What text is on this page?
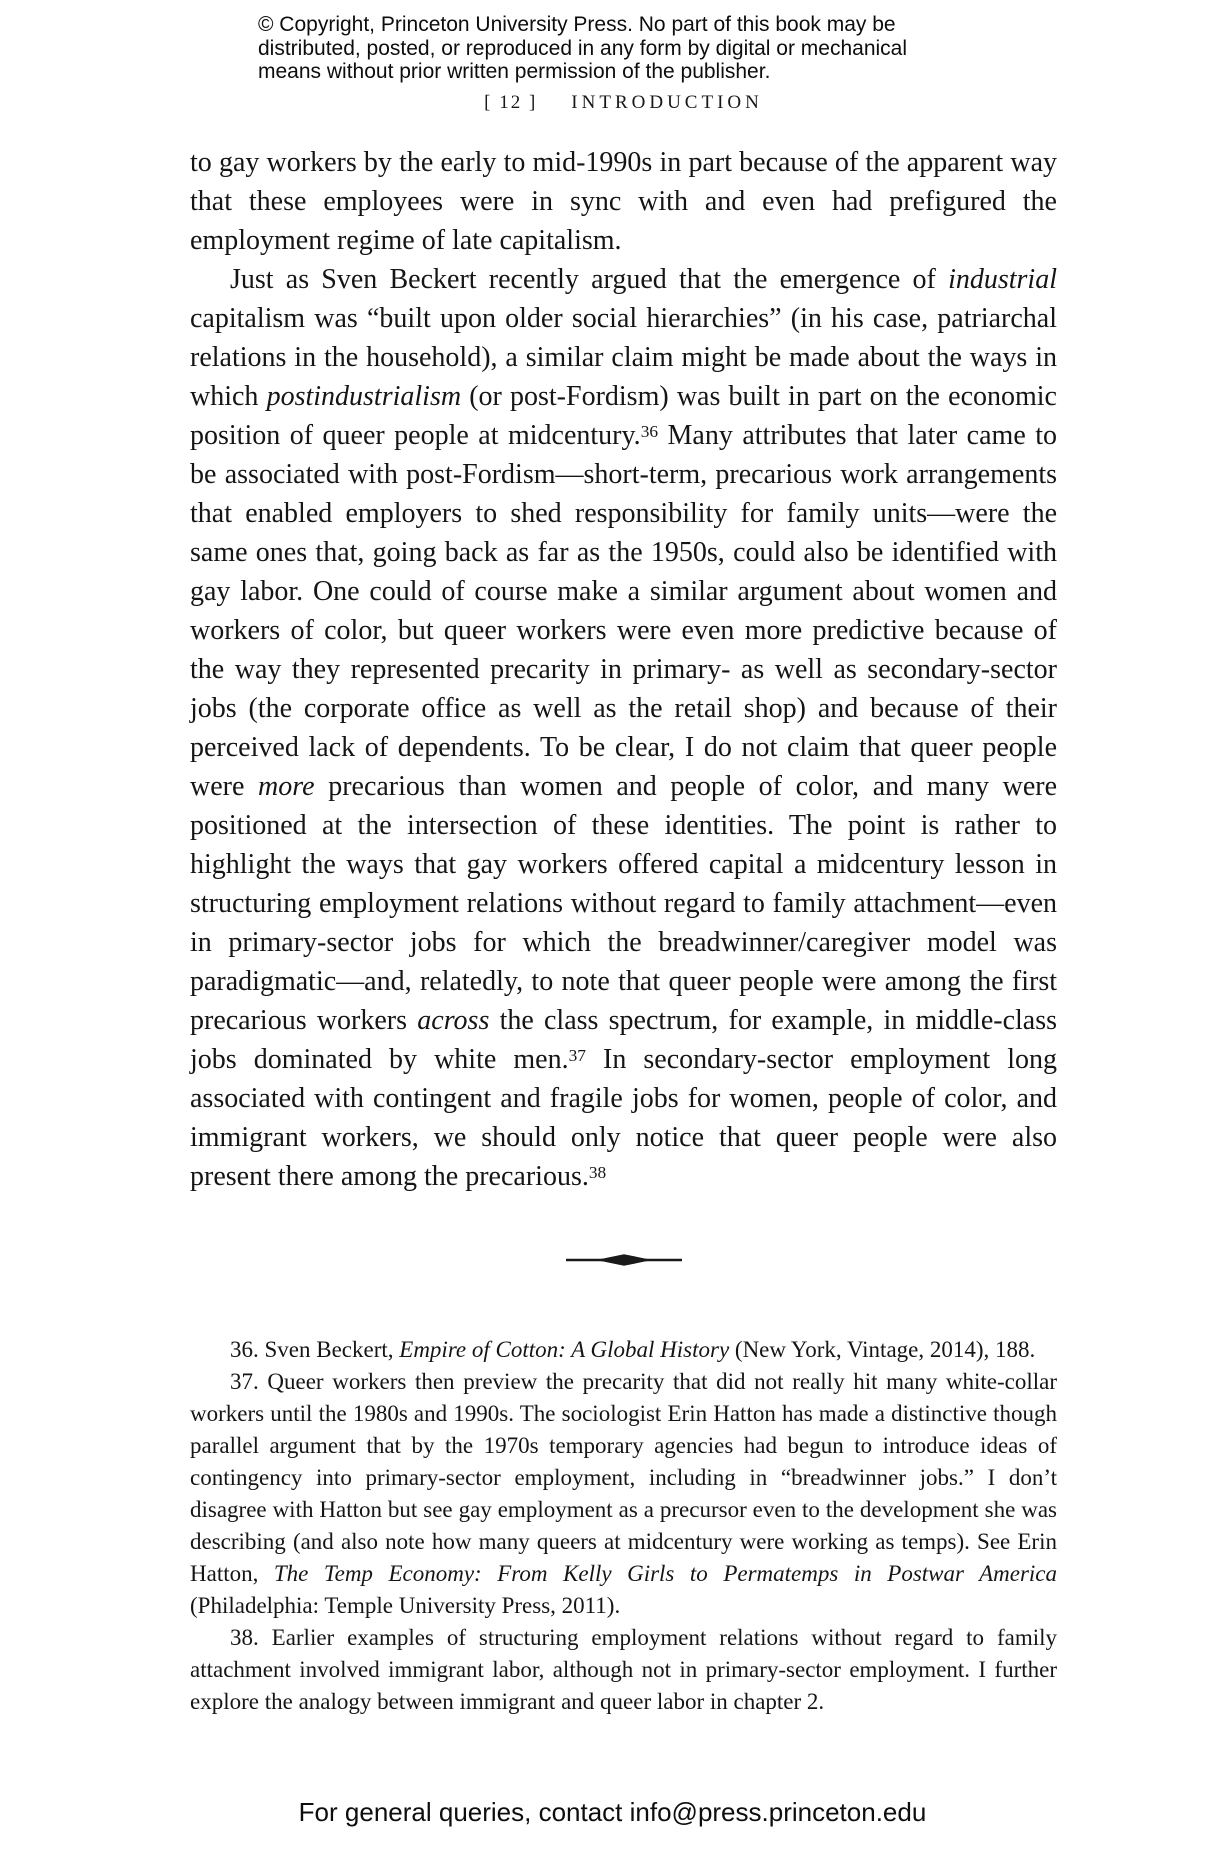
© Copyright, Princeton University Press. No part of this book may be
distributed, posted, or reproduced in any form by digital or mechanical
means without prior written permission of the publisher.
[ 12 ] INTRODUCTION

to gay workers by the early to mid-1990s in part because of the apparent way that these employees were in sync with and even had prefigured the employment regime of late capitalism.

Just as Sven Beckert recently argued that the emergence of industrial capitalism was “built upon older social hierarchies” (in his case, patriarchal relations in the household), a similar claim might be made about the ways in which postindustrialism (or post-Fordism) was built in part on the economic position of queer people at midcentury.$^{36}$ Many attributes that later came to be associated with post-Fordism—short-term, precarious work arrangements that enabled employers to shed responsibility for family units—were the same ones that, going back as far as the 1950s, could also be identified with gay labor. One could of course make a similar argument about women and workers of color, but queer workers were even more predictive because of the way they represented precarity in primary- as well as secondary-sector jobs (the corporate office as well as the retail shop) and because of their perceived lack of dependents. To be clear, I do not claim that queer people were more precarious than women and people of color, and many were positioned at the intersection of these identities. The point is rather to highlight the ways that gay workers offered capital a midcentury lesson in structuring employment relations without regard to family attachment—even in primary-sector jobs for which the breadwinner/caregiver model was paradigmatic—and, relatedly, to note that queer people were among the first precarious workers across the class spectrum, for example, in middle-class jobs dominated by white men.$^{37}$ In secondary-sector employment long associated with contingent and fragile jobs for women, people of color, and immigrant workers, we should only notice that queer people were also present there among the precarious.$^{38}$

36. Sven Beckert, Empire of Cotton: A Global History (New York, Vintage, 2014), 188.

37. Queer workers then preview the precarity that did not really hit many white-collar workers until the 1980s and 1990s. The sociologist Erin Hatton has made a distinctive though parallel argument that by the 1970s temporary agencies had begun to introduce ideas of contingency into primary-sector employment, including in “breadwinner jobs.” I don’t disagree with Hatton but see gay employment as a precursor even to the development she was describing (and also note how many queers at midcentury were working as temps). See Erin Hatton, The Temp Economy: From Kelly Girls to Permatemps in Postwar America (Philadelphia: Temple University Press, 2011).

38. Earlier examples of structuring employment relations without regard to family attachment involved immigrant labor, although not in primary-sector employment. I further explore the analogy between immigrant and queer labor in chapter 2.

For general queries, contact info@press.princeton.edu
